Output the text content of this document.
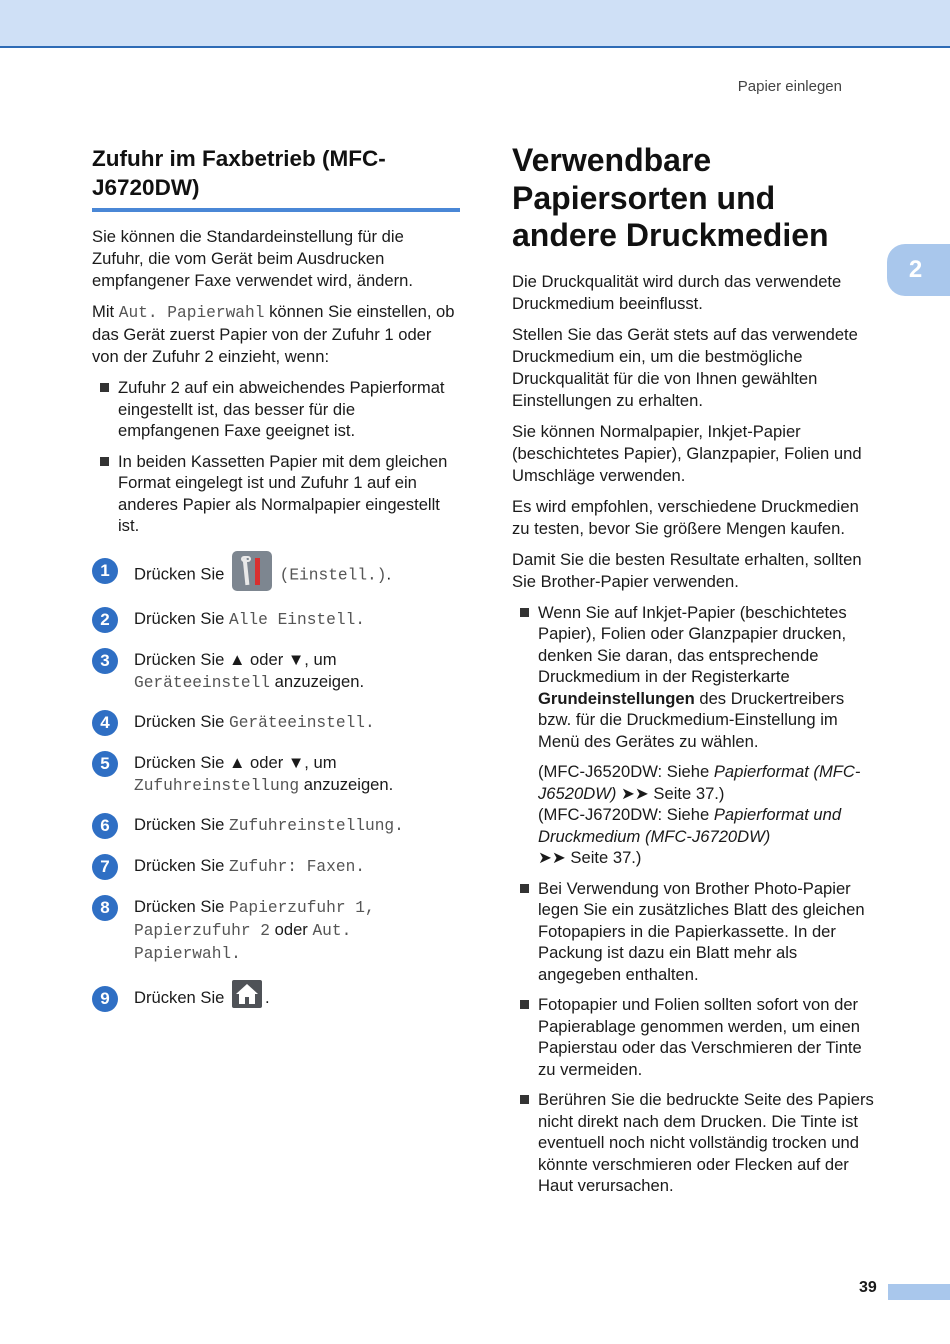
Papier einlegen
2
Zufuhr im Faxbetrieb (MFC-J6720DW)

Sie können die Standardeinstellung für die Zufuhr, die vom Gerät beim Ausdrucken empfangener Faxe verwendet wird, ändern.

Mit Aut. Papierwahl können Sie einstellen, ob das Gerät zuerst Papier von der Zufuhr 1 oder von der Zufuhr 2 einzieht, wenn:

Zufuhr 2 auf ein abweichendes Papierformat eingestellt ist, das besser für die empfangenen Faxe geeignet ist.
In beiden Kassetten Papier mit dem gleichen Format eingelegt ist und Zufuhr 1 auf ein anderes Papier als Normalpapier eingestellt ist.
1	Drücken Sie	(Einstell.).
2	Drücken Sie Alle Einstell.
3	Drücken Sie ▲ oder ▼, um
Geräteeinstell anzuzeigen.
4	Drücken Sie Geräteeinstell.
5	Drücken Sie ▲ oder ▼, um
Zufuhreinstellung anzuzeigen.
6	Drücken Sie Zufuhreinstellung.
7	Drücken Sie Zufuhr: Faxen.
8	Drücken Sie Papierzufuhr 1, Papierzufuhr 2 oder Aut. Papierwahl.
9	Drücken Sie
.
Verwendbare Papiersorten und andere Druckmedien

Die Druckqualität wird durch das verwendete Druckmedium beeinflusst.

Stellen Sie das Gerät stets auf das verwendete Druckmedium ein, um die bestmögliche Druckqualität für die von Ihnen gewählten Einstellungen zu erhalten.

Sie können Normalpapier, Inkjet-Papier (beschichtetes Papier), Glanzpapier, Folien und Umschläge verwenden.

Es wird empfohlen, verschiedene Druckmedien zu testen, bevor Sie größere Mengen kaufen.

Damit Sie die besten Resultate erhalten, sollten Sie Brother-Papier verwenden.

Wenn Sie auf Inkjet-Papier (beschichtetes Papier), Folien oder Glanzpapier drucken, denken Sie daran, das entsprechende Druckmedium in der Registerkarte Grundeinstellungen des Druckertreibers bzw. für die Druckmedium-Einstellung im Menü des Gerätes zu wählen.
(MFC-J6520DW: Siehe Papierformat (MFC-J6520DW) ➤➤ Seite 37.)
(MFC-J6720DW: Siehe Papierformat und Druckmedium (MFC-J6720DW)
➤➤ Seite 37.)
Bei Verwendung von Brother Photo-Papier legen Sie ein zusätzliches Blatt des gleichen Fotopapiers in die Papierkassette. In der Packung ist dazu ein Blatt mehr als angegeben enthalten.
Fotopapier und Folien sollten sofort von der Papierablage genommen werden, um einen Papierstau oder das Verschmieren der Tinte zu vermeiden.
Berühren Sie die bedruckte Seite des Papiers nicht direkt nach dem Drucken. Die Tinte ist eventuell noch nicht vollständig trocken und könnte verschmieren oder Flecken auf der Haut verursachen.
39
